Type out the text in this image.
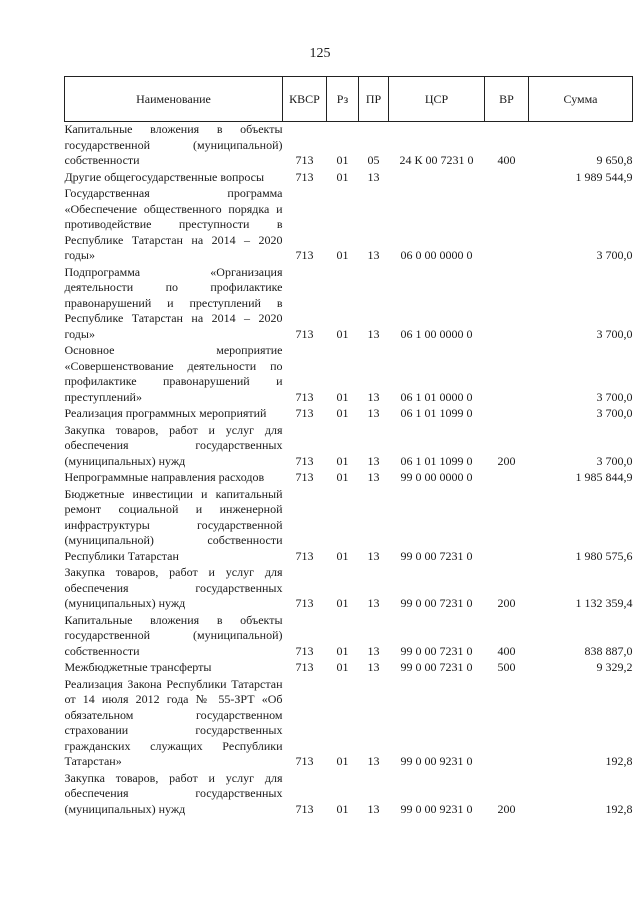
125
Наименование	КВСР	Рз	ПР	ЦСР	ВР	Сумма
Капитальные вложения в объекты государственной (муниципальной) собственности	713	01	05	24 К 00 7231 0	400	9 650,8
Другие общегосударственные вопросы	713	01	13			1 989 544,9
Государственная программа «Обеспечение общественного порядка и противодействие преступности в Республике Татарстан на 2014 – 2020 годы»	713	01	13	06 0 00 0000 0		3 700,0
Подпрограмма «Организация деятельности по профилактике правонарушений и преступлений в Республике Татарстан на 2014 – 2020 годы»	713	01	13	06 1 00 0000 0		3 700,0
Основное мероприятие «Совершенствование деятельности по профилактике правонарушений и преступлений»	713	01	13	06 1 01 0000 0		3 700,0
Реализация программных мероприятий	713	01	13	06 1 01 1099 0		3 700,0
Закупка товаров, работ и услуг для обеспечения государственных (муниципальных) нужд	713	01	13	06 1 01 1099 0	200	3 700,0
Непрограммные направления расходов	713	01	13	99 0 00 0000 0		1 985 844,9
Бюджетные инвестиции и капитальный ремонт социальной и инженерной инфраструктуры государственной (муниципальной) собственности Республики Татарстан	713	01	13	99 0 00 7231 0		1 980 575,6
Закупка товаров, работ и услуг для обеспечения государственных (муниципальных) нужд	713	01	13	99 0 00 7231 0	200	1 132 359,4
Капитальные вложения в объекты государственной (муниципальной) собственности	713	01	13	99 0 00 7231 0	400	838 887,0
Межбюджетные трансферты	713	01	13	99 0 00 7231 0	500	9 329,2
Реализация Закона Республики Татарстан от 14 июля 2012 года № 55-ЗРТ «Об обязательном государственном страховании государственных гражданских служащих Республики Татарстан»	713	01	13	99 0 00 9231 0		192,8
Закупка товаров, работ и услуг для обеспечения государственных (муниципальных) нужд	713	01	13	99 0 00 9231 0	200	192,8
